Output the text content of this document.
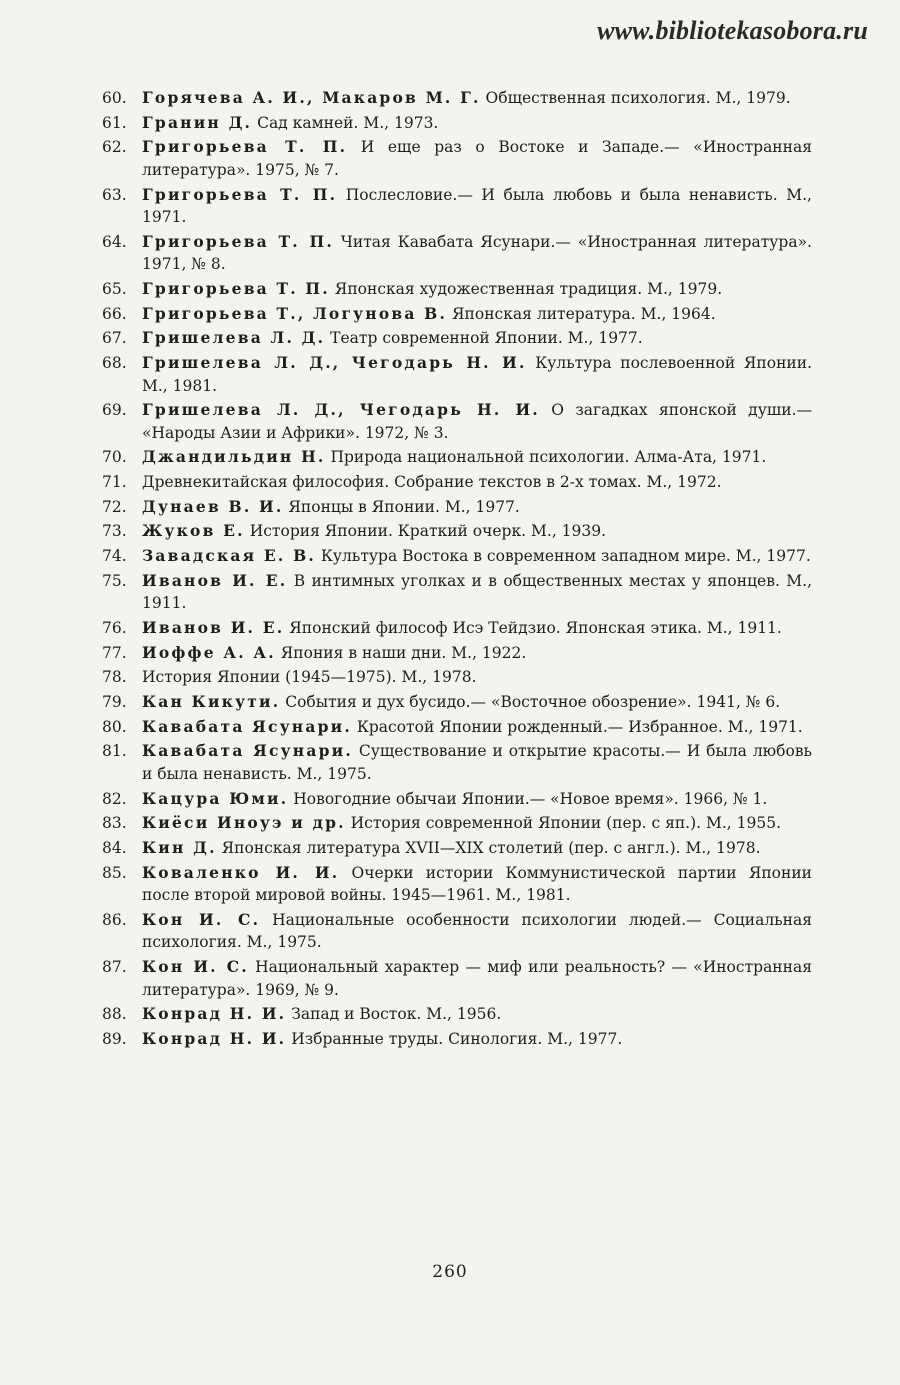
www.bibliotekasobora.ru
60. Горячева А. И., Макаров М. Г. Общественная психология. М., 1979.
61. Гранин Д. Сад камней. М., 1973.
62. Григорьева Т. П. И еще раз о Востоке и Западе.— «Иностранная литература». 1975, № 7.
63. Григорьева Т. П. Послесловие.— И была любовь и была ненависть. М., 1971.
64. Григорьева Т. П. Читая Кавабата Ясунари.— «Иностранная литература». 1971, № 8.
65. Григорьева Т. П. Японская художественная традиция. М., 1979.
66. Григорьева Т., Логунова В. Японская литература. М., 1964.
67. Гришелева Л. Д. Театр современной Японии. М., 1977.
68. Гришелева Л. Д., Чегодарь Н. И. Культура послевоенной Японии. М., 1981.
69. Гришелева Л. Д., Чегодарь Н. И. О загадках японской души.— «Народы Азии и Африки». 1972, № 3.
70. Джандильдин Н. Природа национальной психологии. Алма-Ата, 1971.
71. Древнекитайская философия. Собрание текстов в 2-х томах. М., 1972.
72. Дунаев В. И. Японцы в Японии. М., 1977.
73. Жуков Е. История Японии. Краткий очерк. М., 1939.
74. Завадская Е. В. Культура Востока в современном западном мире. М., 1977.
75. Иванов И. Е. В интимных уголках и в общественных местах у японцев. М., 1911.
76. Иванов И. Е. Японский философ Исэ Тейдзио. Японская этика. М., 1911.
77. Иоффе А. А. Япония в наши дни. М., 1922.
78. История Японии (1945—1975). М., 1978.
79. Кан Кикути. События и дух бусидо.— «Восточное обозрение». 1941, № 6.
80. Кавабата Ясунари. Красотой Японии рожденный.— Избранное. М., 1971.
81. Кавабата Ясунари. Существование и открытие красоты.— И была любовь и была ненависть. М., 1975.
82. Кацура Юми. Новогодние обычаи Японии.— «Новое время». 1966, № 1.
83. Киёси Иноуэ и др. История современной Японии (пер. с яп.). М., 1955.
84. Кин Д. Японская литература XVII—XIX столетий (пер. с англ.). М., 1978.
85. Коваленко И. И. Очерки истории Коммунистической партии Японии после второй мировой войны. 1945—1961. М., 1981.
86. Кон И. С. Национальные особенности психологии людей.— Социальная психология. М., 1975.
87. Кон И. С. Национальный характер — миф или реальность? — «Иностранная литература». 1969, № 9.
88. Конрад Н. И. Запад и Восток. М., 1956.
89. Конрад Н. И. Избранные труды. Синология. М., 1977.
260
